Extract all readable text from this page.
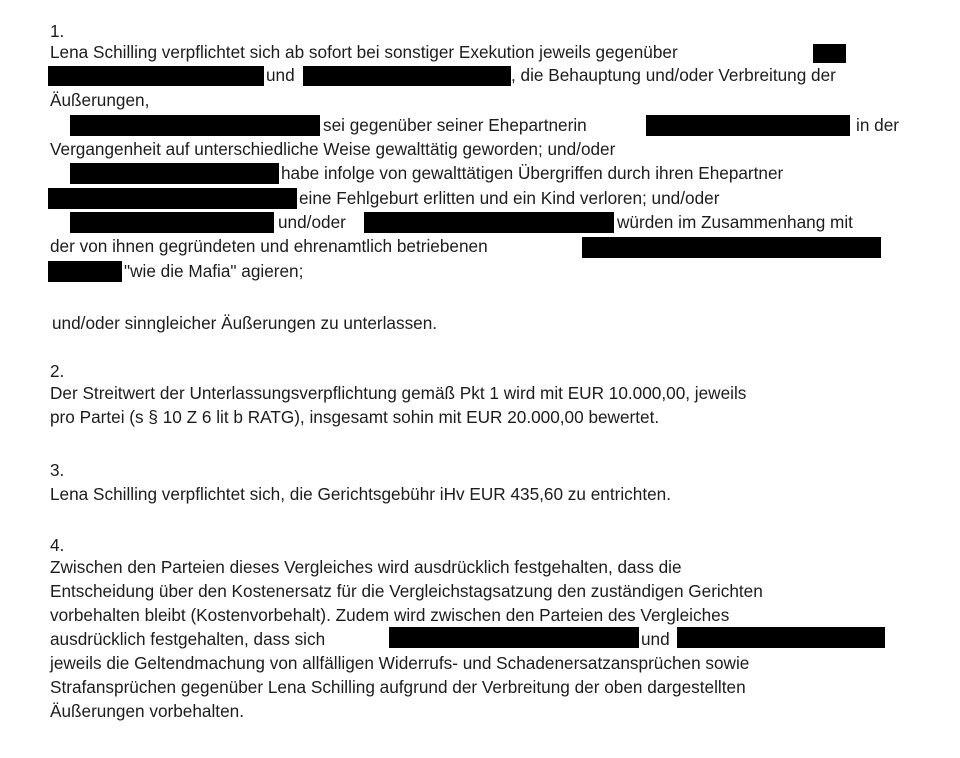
1.
Lena Schilling verpflichtet sich ab sofort bei sonstiger Exekution jeweils gegenüber
und	, die Behauptung und/oder Verbreitung der
Äußerungen,
sei gegenüber seiner Ehepartnerin	in der
Vergangenheit auf unterschiedliche Weise gewalttätig geworden; und/oder
habe infolge von gewalttätigen Übergriffen durch ihren Ehepartner
eine Fehlgeburt erlitten und ein Kind verloren; und/oder
und/oder	würden im Zusammenhang mit
der von ihnen gegründeten und ehrenamtlich betriebenen
"wie die Mafia" agieren;
und/oder sinngleicher Äußerungen zu unterlassen.
2.
Der Streitwert der Unterlassungsverpflichtung gemäß Pkt 1 wird mit EUR 10.000,00, jeweils
pro Partei (s § 10 Z 6 lit b RATG), insgesamt sohin mit EUR 20.000,00 bewertet.
3.
Lena Schilling verpflichtet sich, die Gerichtsgebühr iHv EUR 435,60 zu entrichten.
4.
Zwischen den Parteien dieses Vergleiches wird ausdrücklich festgehalten, dass die
Entscheidung über den Kostenersatz für die Vergleichstagsatzung den zuständigen Gerichten
vorbehalten bleibt (Kostenvorbehalt). Zudem wird zwischen den Parteien des Vergleiches
ausdrücklich festgehalten, dass sich	und
jeweils die Geltendmachung von allfälligen Widerrufs- und Schadenersatzansprüchen sowie
Strafansprüchen gegenüber Lena Schilling aufgrund der Verbreitung der oben dargestellten
Äußerungen vorbehalten.
